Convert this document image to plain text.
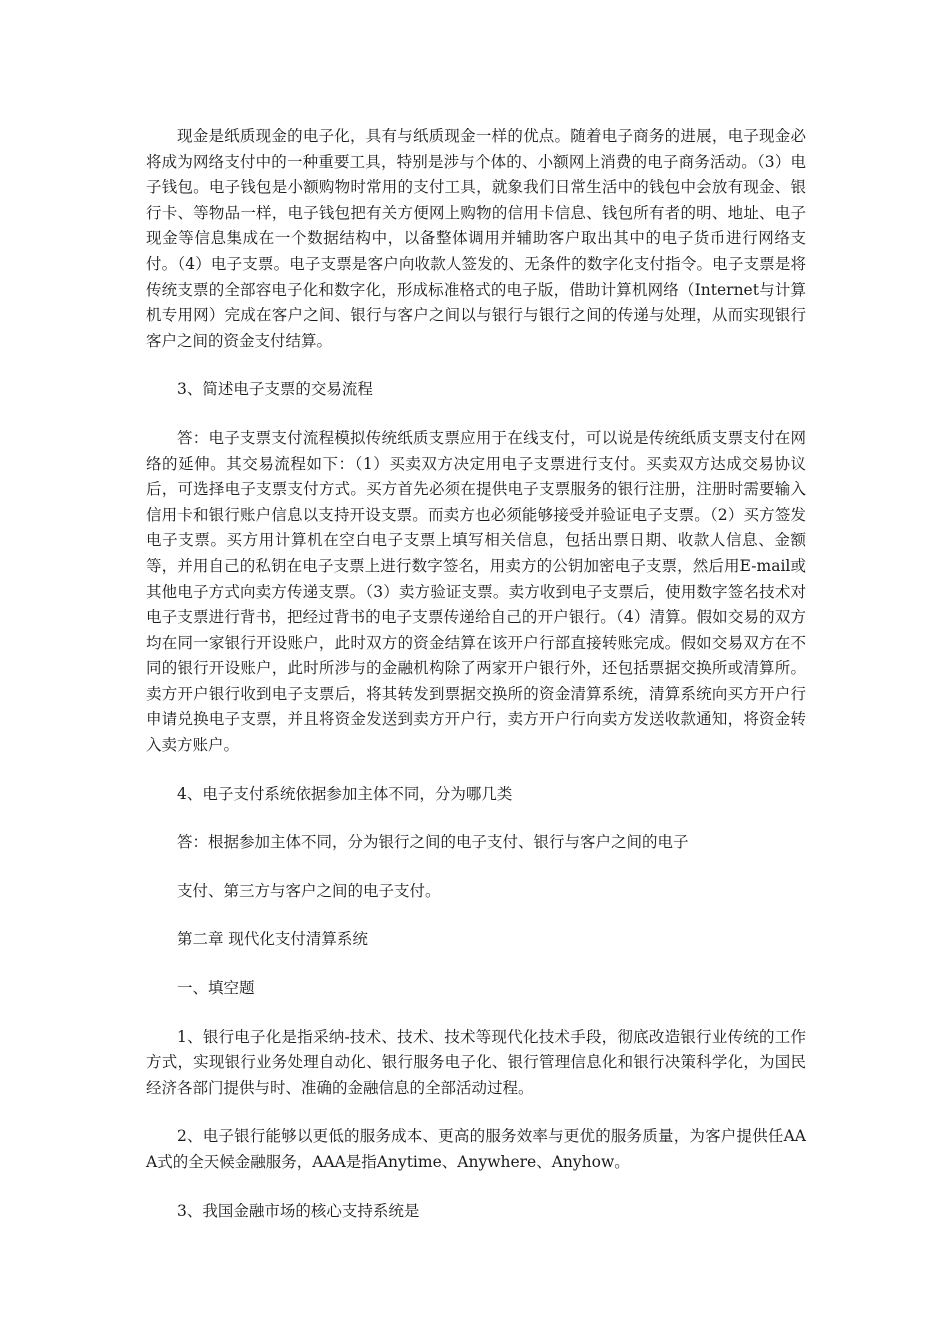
现金是纸质现金的电子化，具有与纸质现金一样的优点。随着电子商务的进展，电子现金必将成为网络支付中的一种重要工具，特别是涉与个体的、小额网上消费的电子商务活动。（3）电子钱包。电子钱包是小额购物时常用的支付工具，就象我们日常生活中的钱包中会放有现金、银行卡、等物品一样，电子钱包把有关方便网上购物的信用卡信息、钱包所有者的明、地址、电子现金等信息集成在一个数据结构中，以备整体调用并辅助客户取出其中的电子货币进行网络支付。（4）电子支票。电子支票是客户向收款人签发的、无条件的数字化支付指令。电子支票是将传统支票的全部容电子化和数字化，形成标准格式的电子版，借助计算机网络（Internet与计算机专用网）完成在客户之间、银行与客户之间以与银行与银行之间的传递与处理，从而实现银行客户之间的资金支付结算。

3、简述电子支票的交易流程

答：电子支票支付流程模拟传统纸质支票应用于在线支付，可以说是传统纸质支票支付在网络的延伸。其交易流程如下：（1）买卖双方决定用电子支票进行支付。买卖双方达成交易协议后，可选择电子支票支付方式。买方首先必须在提供电子支票服务的银行注册，注册时需要输入信用卡和银行账户信息以支持开设支票。而卖方也必须能够接受并验证电子支票。（2）买方签发电子支票。买方用计算机在空白电子支票上填写相关信息，包括出票日期、收款人信息、金额等，并用自己的私钥在电子支票上进行数字签名，用卖方的公钥加密电子支票，然后用E-mail或其他电子方式向卖方传递支票。（3）卖方验证支票。卖方收到电子支票后，使用数字签名技术对电子支票进行背书，把经过背书的电子支票传递给自己的开户银行。（4）清算。假如交易的双方均在同一家银行开设账户，此时双方的资金结算在该开户行部直接转账完成。假如交易双方在不同的银行开设账户，此时所涉与的金融机构除了两家开户银行外，还包括票据交换所或清算所。卖方开户银行收到电子支票后，将其转发到票据交换所的资金清算系统，清算系统向买方开户行申请兑换电子支票，并且将资金发送到卖方开户行，卖方开户行向卖方发送收款通知，将资金转入卖方账户。

4、电子支付系统依据参加主体不同，分为哪几类

答：根据参加主体不同，分为银行之间的电子支付、银行与客户之间的电子

支付、第三方与客户之间的电子支付。

第二章 现代化支付清算系统

一、填空题

1、银行电子化是指采纳-技术、技术、技术等现代化技术手段，彻底改造银行业传统的工作方式，实现银行业务处理自动化、银行服务电子化、银行管理信息化和银行决策科学化，为国民经济各部门提供与时、准确的金融信息的全部活动过程。

2、电子银行能够以更低的服务成本、更高的服务效率与更优的服务质量，为客户提供任AAA式的全天候金融服务，AAA是指Anytime、Anywhere、Anyhow。

3、我国金融市场的核心支持系统是
